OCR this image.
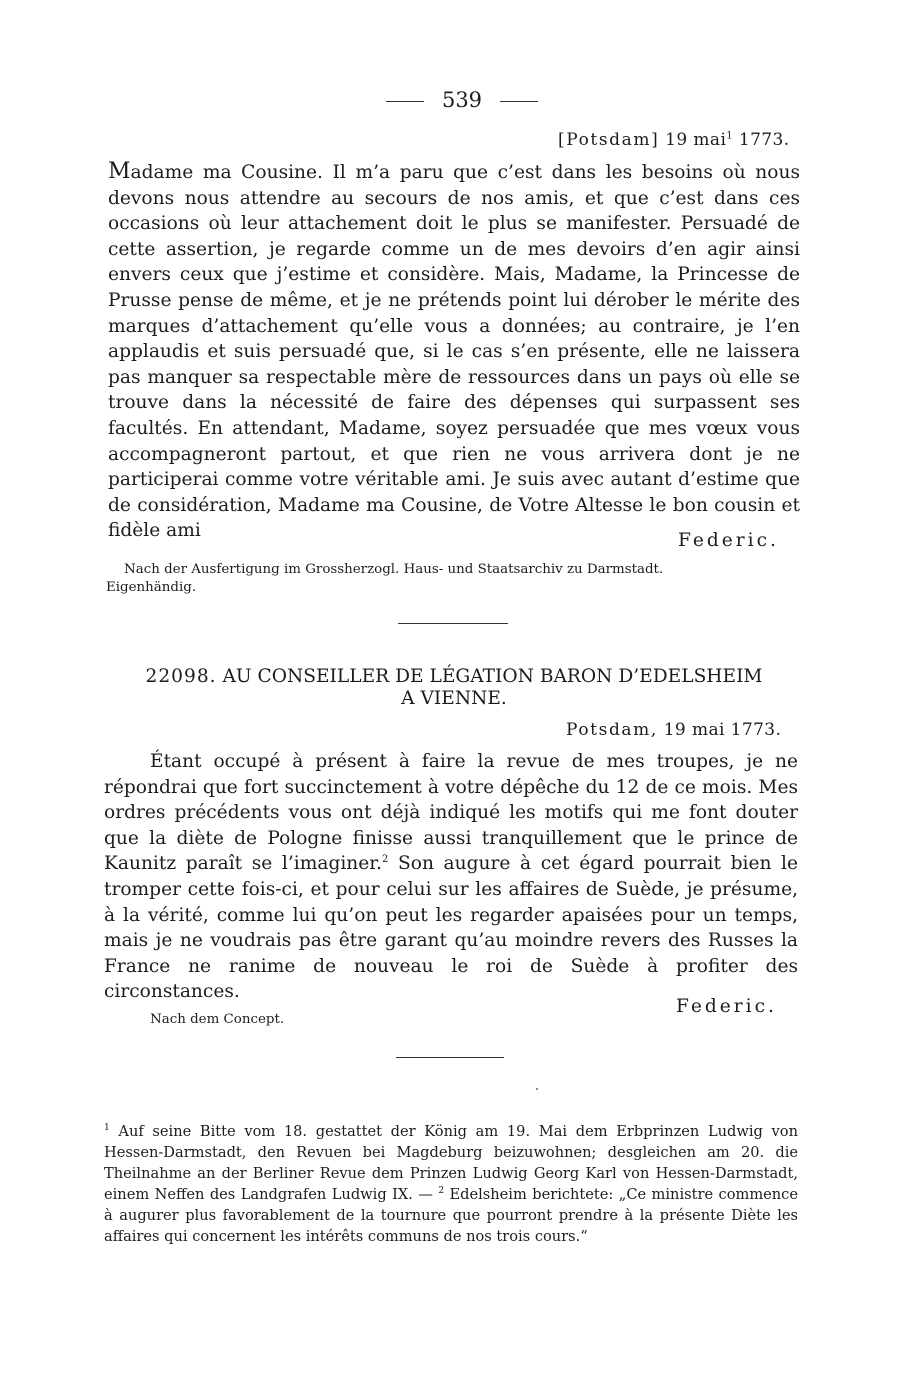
539
[Potsdam] 19 mai$^1$ 1773.

Madame ma Cousine. Il m’a paru que c’est dans les besoins où nous devons nous attendre au secours de nos amis, et que c’est dans ces occasions où leur attachement doit le plus se manifester. Persuadé de cette assertion, je regarde comme un de mes devoirs d’en agir ainsi envers ceux que j’estime et considère. Mais, Madame, la Princesse de Prusse pense de même, et je ne prétends point lui dérober le mérite des marques d’attachement qu’elle vous a données; au contraire, je l’en applaudis et suis persuadé que, si le cas s’en présente, elle ne laissera pas manquer sa respectable mère de ressources dans un pays où elle se trouve dans la nécessité de faire des dépenses qui surpassent ses facultés. En attendant, Madame, soyez persuadée que mes vœux vous accompagneront partout, et que rien ne vous arrivera dont je ne participerai comme votre véritable ami. Je suis avec autant d’estime que de considération, Madame ma Cousine, de Votre Altesse le bon cousin et fidèle ami	Federic.

Nach der Ausfertigung im Grossherzogl. Haus- und Staatsarchiv zu Darmstadt.

Eigenhändig.

22098. AU CONSEILLER DE LÉGATION BARON D’EDELSHEIM
A VIENNE.
Potsdam, 19 mai 1773.

Étant occupé à présent à faire la revue de mes troupes, je ne répondrai que fort succinctement à votre dépêche du 12 de ce mois. Mes ordres précédents vous ont déjà indiqué les motifs qui me font douter que la diète de Pologne finisse aussi tranquillement que le prince de Kaunitz paraît se l’imaginer.$^2$ Son augure à cet égard pourrait bien le tromper cette fois-ci, et pour celui sur les affaires de Suède, je présume, à la vérité, comme lui qu’on peut les regarder apaisées pour un temps, mais je ne voudrais pas être garant qu’au moindre revers des Russes la France ne ranime de nouveau le roi de Suède à profiter des circonstances.

Federic.

Nach dem Concept.

$^1$ Auf seine Bitte vom 18. gestattet der König am 19. Mai dem Erbprinzen Ludwig von Hessen-Darmstadt, den Revuen bei Magdeburg beizuwohnen; desgleichen am 20. die Theilnahme an der Berliner Revue dem Prinzen Ludwig Georg Karl von Hessen-Darmstadt, einem Neffen des Landgrafen Ludwig IX. — $^2$ Edelsheim berichtete: „Ce ministre commence à augurer plus favorablement de la tournure que pourront prendre à la présente Diète les affaires qui concernent les intérêts communs de nos trois cours.“
